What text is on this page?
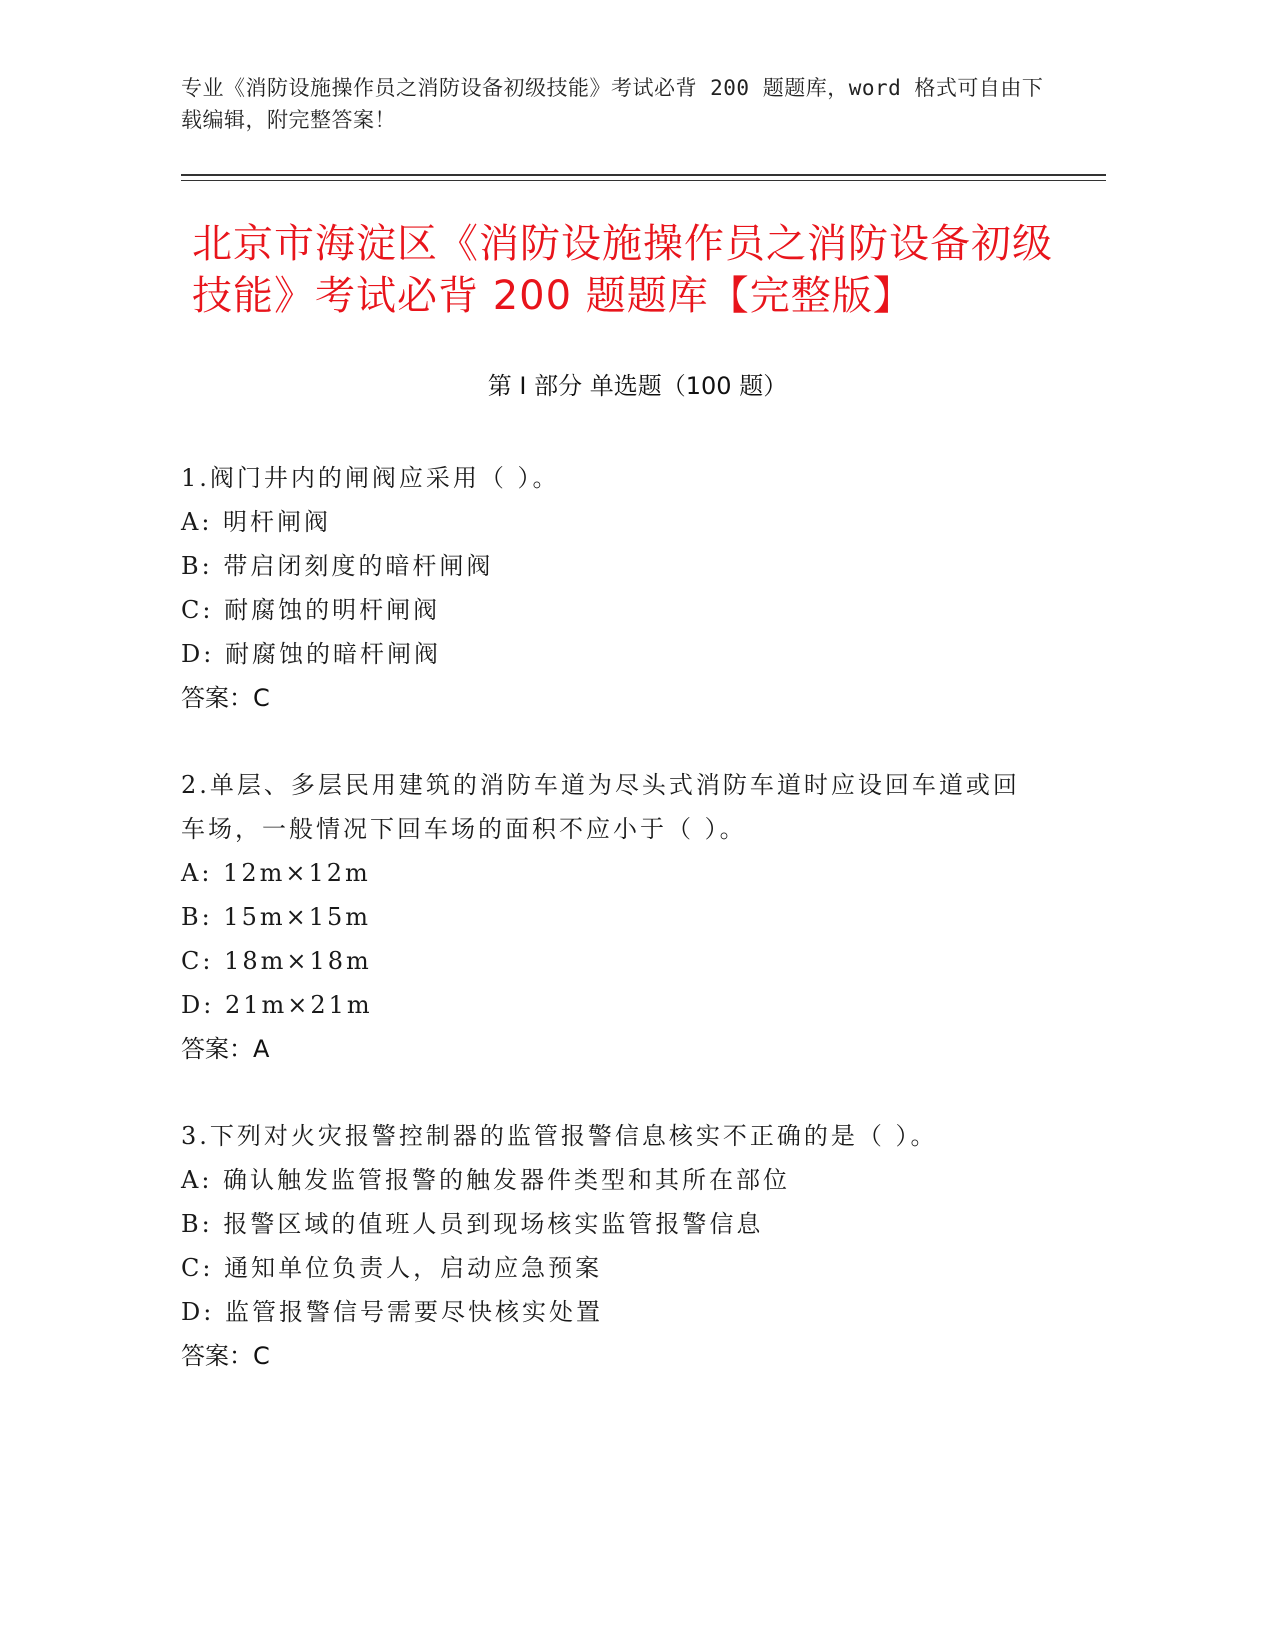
专业《消防设施操作员之消防设备初级技能》考试必背 200 题题库，word 格式可自由下载编辑，附完整答案！
北京市海淀区《消防设施操作员之消防设备初级技能》考试必背 200 题题库【完整版】
第 I 部分 单选题（100 题）
1.阀门井内的闸阀应采用（ ）。
A: 明杆闸阀
B: 带启闭刻度的暗杆闸阀
C: 耐腐蚀的明杆闸阀
D: 耐腐蚀的暗杆闸阀
答案：C
2.单层、多层民用建筑的消防车道为尽头式消防车道时应设回车道或回车场，一般情况下回车场的面积不应小于（ ）。
A: 12m×12m
B: 15m×15m
C: 18m×18m
D: 21m×21m
答案：A
3.下列对火灾报警控制器的监管报警信息核实不正确的是（ ）。
A: 确认触发监管报警的触发器件类型和其所在部位
B: 报警区域的值班人员到现场核实监管报警信息
C: 通知单位负责人，启动应急预案
D: 监管报警信号需要尽快核实处置
答案：C
